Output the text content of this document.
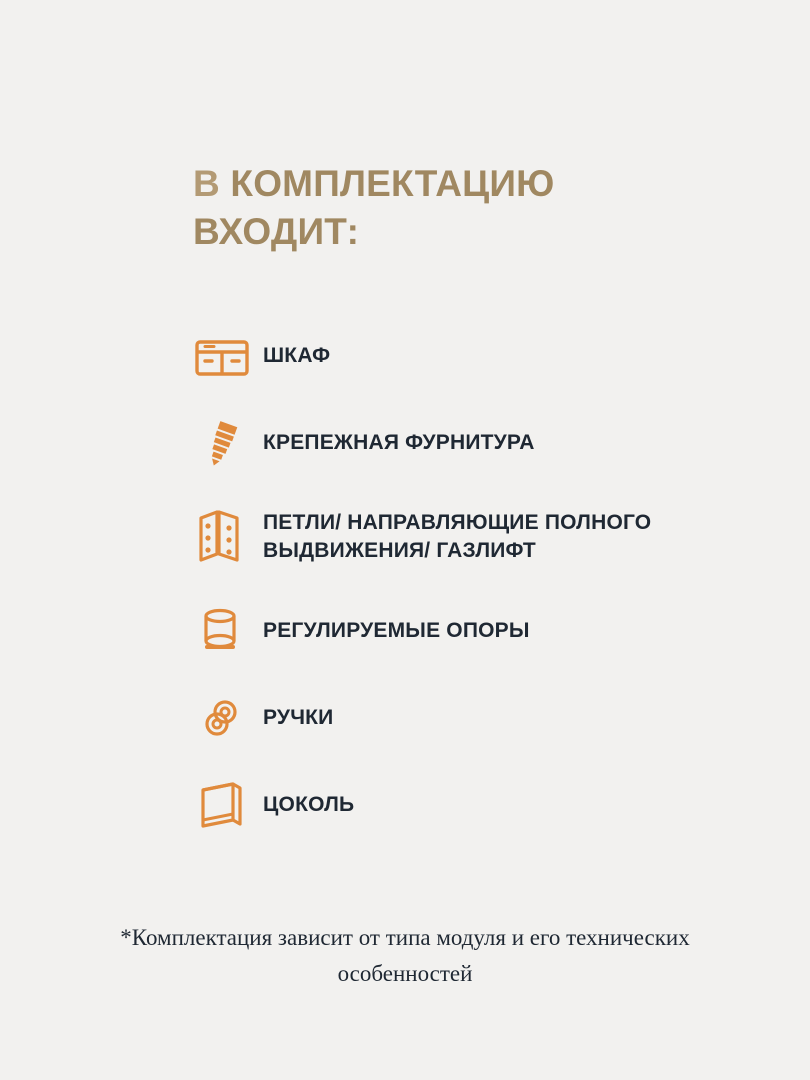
В КОМПЛЕКТАЦИЮ ВХОДИТ:
ШКАФ
КРЕПЕЖНАЯ ФУРНИТУРА
ПЕТЛИ/ НАПРАВЛЯЮЩИЕ ПОЛНОГО ВЫДВИЖЕНИЯ/ ГАЗЛИФТ
РЕГУЛИРУЕМЫЕ ОПОРЫ
РУЧКИ
ЦОКОЛЬ
*Комплектация зависит от типа модуля и его технических особенностей
